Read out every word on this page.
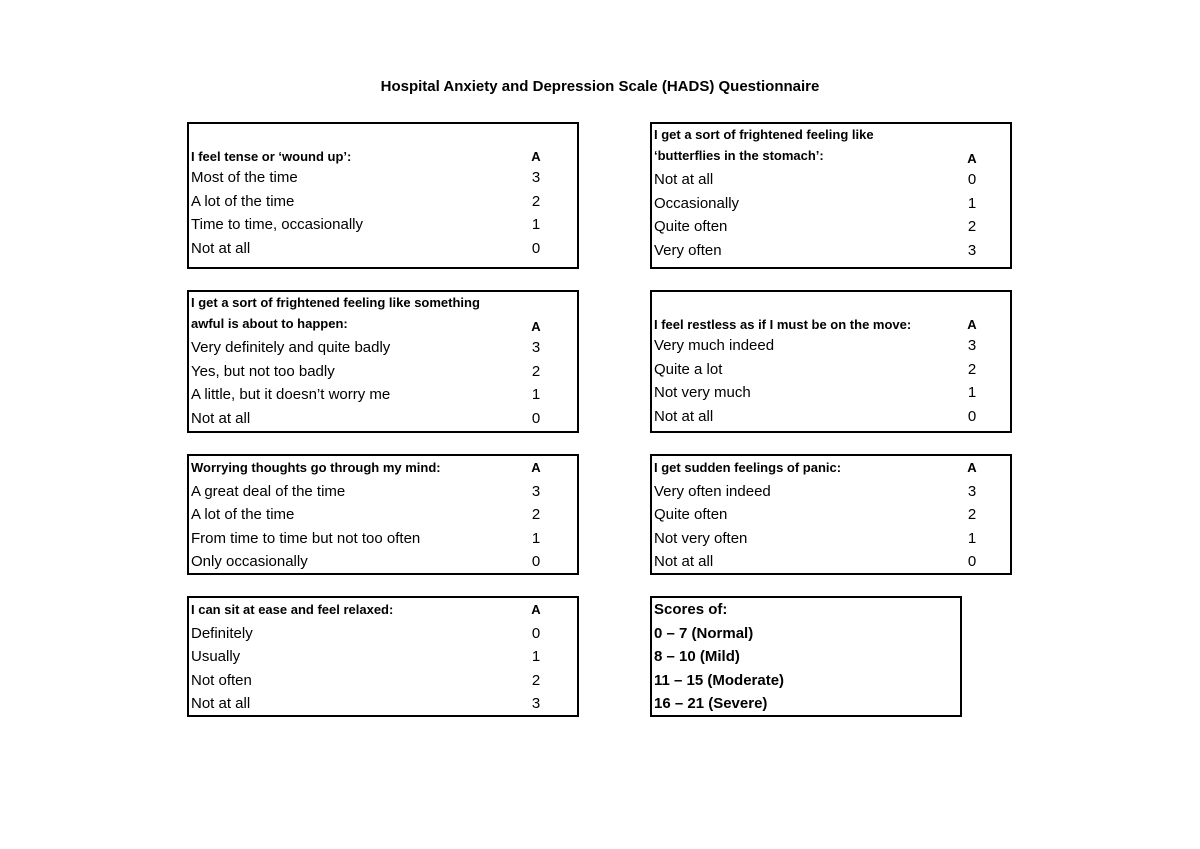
Hospital Anxiety and Depression Scale (HADS) Questionnaire
I feel tense or ‘wound up’:	A
Most of the time	3
A lot of the time	2
Time to time, occasionally	1
Not at all	0
I get a sort of frightened feeling like ‘butterflies in the stomach’:	A
Not at all	0
Occasionally	1
Quite often	2
Very often	3
I get a sort of frightened feeling like something awful is about to happen:	A
Very definitely and quite badly	3
Yes, but not too badly	2
A little, but it doesn’t worry me	1
Not at all	0
I feel restless as if I must be on the move:	A
Very much indeed	3
Quite a lot	2
Not very much	1
Not at all	0
Worrying thoughts go through my mind:	A
A great deal of the time	3
A lot of the time	2
From time to time but not too often	1
Only occasionally	0
I get sudden feelings of panic:	A
Very often indeed	3
Quite often	2
Not very often	1
Not at all	0
I can sit at ease and feel relaxed:	A
Definitely	0
Usually	1
Not often	2
Not at all	3
Scores of:
0 – 7 (Normal)
8 – 10 (Mild)
11 – 15 (Moderate)
16 – 21 (Severe)
